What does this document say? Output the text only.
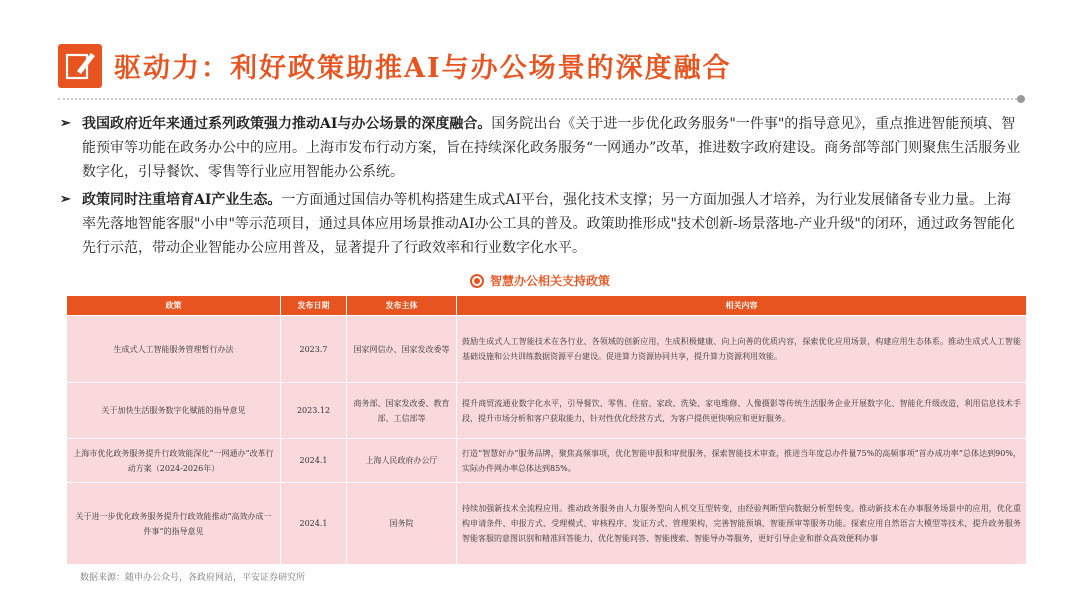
驱动力：利好政策助推AI与办公场景的深度融合
➢ 我国政府近年来通过系列政策强力推动AI与办公场景的深度融合。国务院出台《关于进一步优化政务服务"一件事"的指导意见》，重点推进智能预填、智能预审等功能在政务办公中的应用。上海市发布行动方案，旨在持续深化政务服务“一网通办”改革，推进数字政府建设。商务部等部门则聚焦生活服务业数字化，引导餐饮、零售等行业应用智能办公系统。
➢ 政策同时注重培育AI产业生态。一方面通过国信办等机构搭建生成式AI平台，强化技术支撑；另一方面加强人才培养，为行业发展储备专业力量。上海率先落地智能客服"小申"等示范项目，通过具体应用场景推动AI办公工具的普及。政策助推形成"技术创新-场景落地-产业升级"的闭环，通过政务智能化先行示范，带动企业智能办公应用普及，显著提升了行政效率和行业数字化水平。
智慧办公相关支持政策
政策	发布日期	发布主体	相关内容
生成式人工智能服务管理暂行办法	2023.7	国家网信办、国家发改委等	鼓励生成式人工智能技术在各行业、各领域的创新应用，生成积极健康、向上向善的优质内容，探索优化应用场景，构建应用生态体系。推动生成式人工智能基础设施和公共训练数据资源平台建设。促进算力资源协同共享，提升算力资源利用效能。
关于加快生活服务数字化赋能的指导意见	2023.12	商务部、国家发改委、教育部、工信部等	提升商贸流通业数字化水平，引导餐饮、零售、住宿、家政、洗染、家电维修、人像摄影等传统生活服务企业开展数字化、智能化升级改造，利用信息技术手段，提升市场分析和客户获取能力，针对性优化经营方式，为客户提供更快响应和更好服务。
上海市优化政务服务提升行政效能深化“一网通办”改革行动方案（2024-2026年）	2024.1	上海人民政府办公厅	打造“智慧好办”服务品牌，聚焦高频事项，优化智能申报和审批服务，探索智能技术审查，推进当年度总办件量75%的高频事项“首办成功率”总体达到90%，实际办件网办率总体达到85%。
关于进一步优化政务服务提升行政效能推动“高效办成一件事”的指导意见	2024.1	国务院	持续加强新技术全流程应用。推动政务服务由人力服务型向人机交互型转变，由经验判断型向数据分析型转变。推动新技术在办事服务场景中的应用，优化重构申请条件、申报方式、受理模式、审核程序、发证方式、管理架构，完善智能预填、智能预审等服务功能。探索应用自然语言大模型等技术，提升政务服务智能客服的意图识别和精准回答能力，优化智能问答、智能搜索、智能导办等服务，更好引导企业和群众高效便利办事
数据来源：随申办公众号，各政府网站，平安证券研究所
